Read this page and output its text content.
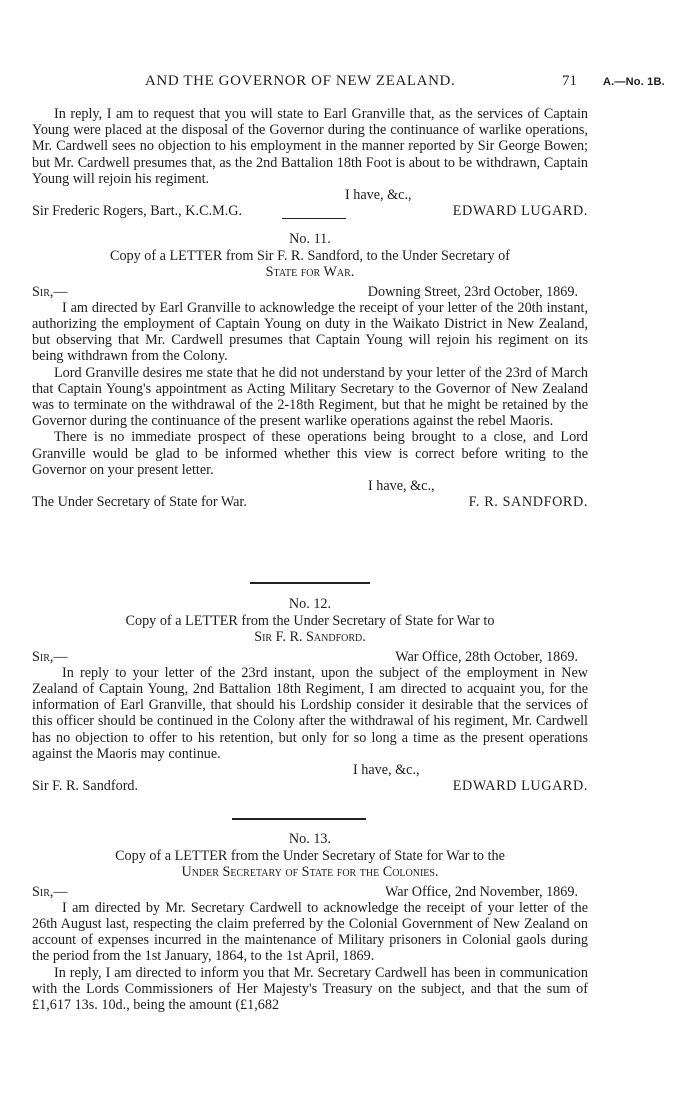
AND THE GOVERNOR OF NEW ZEALAND.	71 A.—No. 1B.

In reply, I am to request that you will state to Earl Granville that, as the services of Captain Young were placed at the disposal of the Governor during the continuance of warlike operations, Mr. Cardwell sees no objection to his employment in the manner reported by Sir George Bowen; but Mr. Cardwell presumes that, as the 2nd Battalion 18th Foot is about to be withdrawn, Captain Young will rejoin his regiment.

I have, &c.,
Sir Frederic Rogers, Bart., K.C.M.G.	EDWARD LUGARD.
No. 11.
Copy of a LETTER from Sir F. R. Sandford, to the Under Secretary of
State for War.
Sir,—	Downing Street, 23rd October, 1869.

I am directed by Earl Granville to acknowledge the receipt of your letter of the 20th instant, authorizing the employment of Captain Young on duty in the Waikato District in New Zealand, but observing that Mr. Cardwell presumes that Captain Young will rejoin his regiment on its being withdrawn from the Colony.

Lord Granville desires me state that he did not understand by your letter of the 23rd of March that Captain Young's appointment as Acting Military Secretary to the Governor of New Zealand was to terminate on the withdrawal of the 2-18th Regiment, but that he might be retained by the Governor during the continuance of the present warlike operations against the rebel Maoris.

There is no immediate prospect of these operations being brought to a close, and Lord Granville would be glad to be informed whether this view is correct before writing to the Governor on your present letter.

I have, &c.,
The Under Secretary of State for War.	F. R. SANDFORD.
No. 12.
Copy of a LETTER from the Under Secretary of State for War to
Sir F. R. Sandford.
Sir,—	War Office, 28th October, 1869.

In reply to your letter of the 23rd instant, upon the subject of the employment in New Zealand of Captain Young, 2nd Battalion 18th Regiment, I am directed to acquaint you, for the information of Earl Granville, that should his Lordship consider it desirable that the services of this officer should be continued in the Colony after the withdrawal of his regiment, Mr. Cardwell has no objection to offer to his retention, but only for so long a time as the present operations against the Maoris may continue.

I have, &c.,
Sir F. R. Sandford.	EDWARD LUGARD.
No. 13.
Copy of a LETTER from the Under Secretary of State for War to the
Under Secretary of State for the Colonies.
Sir,—	War Office, 2nd November, 1869.

I am directed by Mr. Secretary Cardwell to acknowledge the receipt of your letter of the 26th August last, respecting the claim preferred by the Colonial Government of New Zealand on account of expenses incurred in the maintenance of Military prisoners in Colonial gaols during the period from the 1st January, 1864, to the 1st April, 1869.

In reply, I am directed to inform you that Mr. Secretary Cardwell has been in communication with the Lords Commissioners of Her Majesty's Treasury on the subject, and that the sum of £1,617 13s. 10d., being the amount (£1,682
